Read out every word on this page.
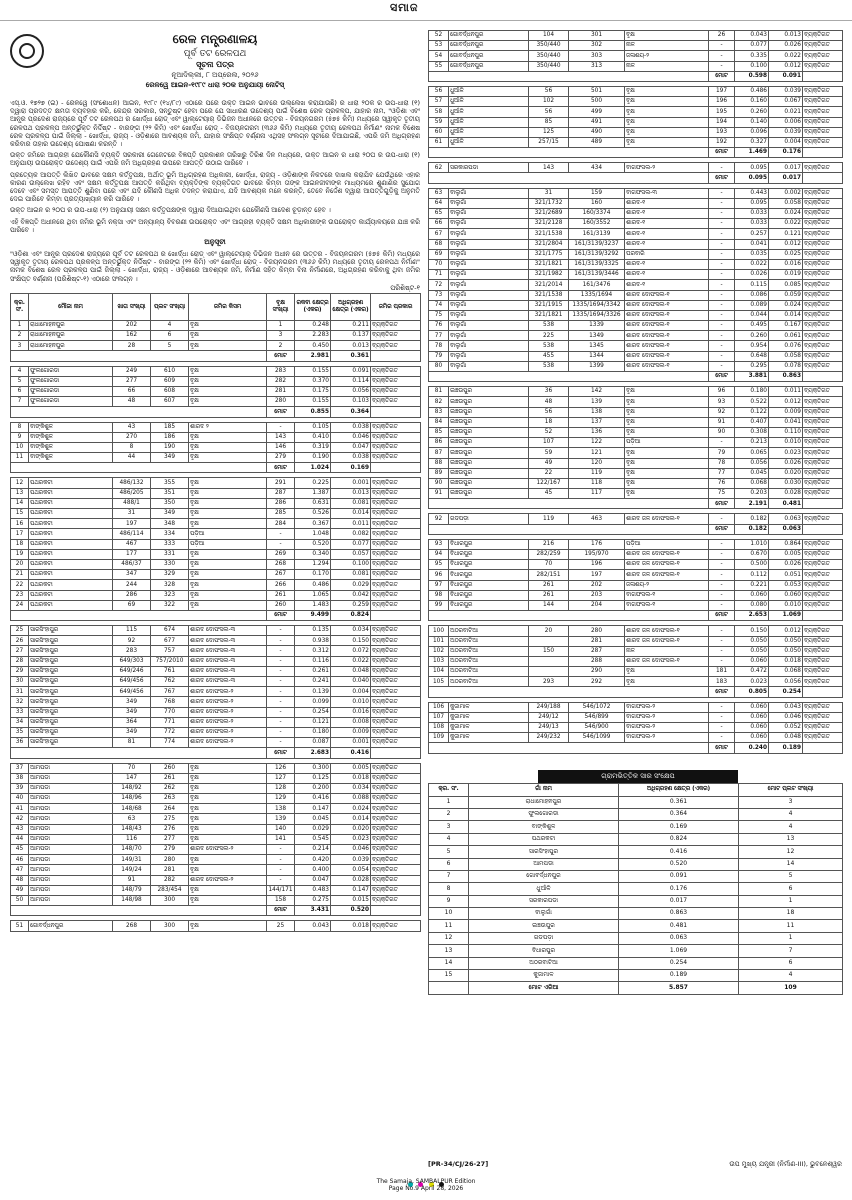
ସମାଜ
ରେଳ ମନ୍ତ୍ରଣାଳୟ
ପୂର୍ବ ତଟ ରେଳପଥ
ସୂଚନା ପତ୍ର
ନୂଆଦିଲ୍ଲୀ, ୮ ଅପ୍ରେଲ, ୨୦୨୬
ରେଳୱେ ଆଇନ-୧୯୮୯ ଧାରା ୨୦କ ଅନୁଯାୟୀ ନୋଟିସ୍

ଏସ୍.ଓ. ୧୭୨୭ (ଇ) - ରେଳୱେ (ସଂଶୋଧନ) ଆଇନ, ୧୯୮୯ (୧୪/୮୯) ଏଠାରେ ପରେ ଉକ୍ତ ଆଇନ ଭାବରେ ଉଲ୍ଲେଖ କରାଯାଉଛି) ର ଧାରା ୨୦କ ର ଉପ-ଧାରା (୧) ଦ୍ୱାରା ପ୍ରଦତ୍ତ କ୍ଷମତା ବ୍ୟବହାର କରି, କେନ୍ଦ୍ର ସରକାର, ସନ୍ତୁଷ୍ଟ ହେବା ପରେ ଯେ ସାଧାରଣ ଉଦ୍ଦେଶ୍ୟ ପାଇଁ ବିଶେଷ ରେଳ ପ୍ରକଳ୍ପ, ଯାହାର ନାମ, "ଓଡ଼ିଶା ଏବଂ ଆନ୍ଧ୍ର ପ୍ରଦେଶ ରାଜ୍ୟରେ ପୂର୍ବ ତଟ ରେଳପଥ ର ଖୋର୍ଦ୍ଧା ରୋଡ୍ ଏବଂ ୱାଲ୍ଟେୟାର୍ ଡିଭିଜନ ଅଧୀନରେ ଉତ୍ତର - ବିଜୟନଗରମ (୫୭୫ କିମି) ମଧ୍ୟରେ ସ୍ୱୀକୃତ ତୃତୀୟ ରେଳପଥ ପ୍ରକଳ୍ପ ଅନ୍ତର୍ଭୁକ୍ତ ନିର୍ଦ୍ଦିଷ୍ଟ - ବାରଙ୍ଗ (୨୨ କିମି) ଏବଂ ଖୋର୍ଦ୍ଧା ରୋଡ୍ - ବିଜୟନଗରମ (୩୬୬ କିମି) ମଧ୍ୟରେ ତୃତୀୟ ରେଳପଥ ନିର୍ମାଣ" ନାମକ ବିଶେଷ ରେଳ ପ୍ରକଳ୍ପ ପାଇଁ ଜିଲ୍ଲା - ଖୋର୍ଦ୍ଧା, ରାଜ୍ୟ - ଓଡ଼ିଶାରେ ଆବଶ୍ୟକ ଜମି, ଯାହାର ସଂକ୍ଷିପ୍ତ ବର୍ଣ୍ଣନା ଏଥିସହ ସଂଲଗ୍ନ ସୂଚୀରେ ଦିଆଯାଇଛି, ଏପରି ଜମି ଅଧିଗ୍ରହଣ କରିବାର ତାହାର ଉଦ୍ଦେଶ୍ୟ ଘୋଷଣା କରନ୍ତି ।

ଉକ୍ତ ଜମିରେ ଆଗ୍ରହୀ ଯେକୌଣସି ବ୍ୟକ୍ତି ସରକାରୀ ଗେଜେଟରେ ବିଜ୍ଞପ୍ତି ପ୍ରକାଶନ ତାରିଖରୁ ତିରିଶ ଦିନ ମଧ୍ୟରେ, ଉକ୍ତ ଆଇନ ର ଧାରା ୨୦ଘ ର ଉପ-ଧାରା (୧) ଅନୁଯାୟୀ ଉପରୋକ୍ତ ଉଦ୍ଦେଶ୍ୟ ପାଇଁ ଏପରି ଜମି ଅଧିଗ୍ରହଣ ଉପରେ ଆପତ୍ତି ଉଠାଇ ପାରିବେ ।

ପ୍ରତ୍ୟେକ ଆପତ୍ତି ଲିଖିତ ଭାବରେ ସକ୍ଷମ କର୍ତ୍ତୃପକ୍ଷ, ଅର୍ଥାତ୍ ଭୂମି ଅଧିଗ୍ରହଣ ଅଧିକାରୀ, ଖୋର୍ଦ୍ଧା, ରାଜ୍ୟ - ଓଡ଼ିଶାଙ୍କ ନିକଟରେ ଦାଖଲ କରାଯିବ ଯେଉଁଥିରେ ଏହାର କାରଣ ଉଲ୍ଲେଖ ରହିବ ଏବଂ ସକ୍ଷମ କର୍ତ୍ତୃପକ୍ଷ ଆପତ୍ତି କରିଥିବା ବ୍ୟକ୍ତିଙ୍କ ବ୍ୟକ୍ତିଗତ ଭାବରେ କିମ୍ବା ତାଙ୍କ ଆଇନଜୀବୀଙ୍କ ମାଧ୍ୟମରେ ଶୁଣାଣିର ସୁଯୋଗ ଦେବେ ଏବଂ ସମସ୍ତ ଆପତ୍ତି ଶୁଣିବା ପରେ ଏବଂ ଯଦି କୌଣସି ଅଧିକ ତଦନ୍ତ କରାଯାଏ, ଯଦି ଆବଶ୍ୟକ ମନେ କରନ୍ତି, ତେବେ ନିର୍ଦ୍ଦେଶ ଦ୍ୱାରା ଆପତ୍ତିଗୁଡ଼ିକୁ ଅନୁମତି ଦେଇ ପାରିବେ କିମ୍ବା ପ୍ରତ୍ୟାଖ୍ୟାନ କରି ପାରିବେ ।

ଉକ୍ତ ଆଇନ ର ୨୦ଘ ର ଉପ-ଧାରା (୨) ଅନୁଯାୟୀ ସକ୍ଷମ କର୍ତ୍ତୃପକ୍ଷଙ୍କ ଦ୍ୱାରା ଦିଆଯାଇଥିବା ଯେକୌଣସି ଆଦେଶ ଚୂଡ଼ାନ୍ତ ହେବ ।

ଏହି ବିଜ୍ଞପ୍ତି ଅଧୀନରେ ଥିବା ଜମିର ଭୂମି ନକ୍ସା ଏବଂ ଅନ୍ୟାନ୍ୟ ବିବରଣୀ ଉପରୋକ୍ତ ଏବଂ ଆଗ୍ରହୀ ବ୍ୟକ୍ତି ସକ୍ଷମ ଅଧିକାରୀଙ୍କ ଉପରୋକ୍ତ କାର୍ଯ୍ୟାଳୟରେ ଯାଞ୍ଚ କରି ପାରିବେ ।

ଅନୁସୂଚୀ

"ଓଡ଼ିଶା ଏବଂ ଆନ୍ଧ୍ର ପ୍ରଦେଶ ରାଜ୍ୟରେ ପୂର୍ବ ତଟ ରେଳପଥ ର ଖୋର୍ଦ୍ଧା ରୋଡ୍ ଏବଂ ୱାଲ୍ଟେୟାର୍ ଡିଭିଜନ ଅଧୀନ ରେ ଉତ୍ତର - ବିଜୟନଗରମ (୫୭୫ କିମି) ମଧ୍ୟରେ ସ୍ୱୀକୃତ ତୃତୀୟ ରେଳପଥ ପ୍ରକଳ୍ପ ଅନ୍ତର୍ଭୁକ୍ତ ନିର୍ଦ୍ଦିଷ୍ଟ - ବାରଙ୍ଗ (୨୨ କିମି) ଏବଂ ଖୋର୍ଦ୍ଧା ରୋଡ୍ - ବିଜୟନଗରମ (୩୬୬ କିମି) ମଧ୍ୟରେ ତୃତୀୟ ରେଳପଥ ନିର୍ମାଣ" ନାମକ ବିଶେଷ ରେଳ ପ୍ରକଳ୍ପ ପାଇଁ ଜିଲ୍ଲା - ଖୋର୍ଦ୍ଧା, ରାଜ୍ୟ - ଓଡ଼ିଶାରେ ଆବଶ୍ୟକ ଜମି, ନିର୍ମାଣ ସହିତ କିମ୍ବା ବିନା ନିର୍ମାଣରେ, ଅଧିଗ୍ରହଣ କରିବାକୁ ଥିବା ଜମିର ସଂକ୍ଷିପ୍ତ ବର୍ଣ୍ଣନା (ପରିଶିଷ୍ଟ-୧) ଏଠାରେ ସଂଲଗ୍ନ ।

ପରିଶିଷ୍ଟ-୧
କ୍ର. ସଂ.	ମୌଜା ନାମ	ଖାତା ସଂଖ୍ୟା	ପ୍ଲଟ ସଂଖ୍ୟା	ଜମିର କିସମ	ବୃକ୍ଷ ସଂଖ୍ୟା	ରକବା କ୍ଷେତ୍ର (ଏକର)	ଅଧିଗ୍ରହଣ କ୍ଷେତ୍ର (ଏକର)	ଜମିର ପ୍ରକାର
1	ରାଧାମୋହନପୁର	202	4	ବୃକ୍ଷ	1	0.248	0.211	ବ୍ୟକ୍ତିଗତ
2	ରାଧାମୋହନପୁର	162	6	ବୃକ୍ଷ	3	2.283	0.137	ବ୍ୟକ୍ତିଗତ
3	ରାଧାମୋହନପୁର	28	5	ବୃକ୍ଷ	2	0.450	0.013	ବ୍ୟକ୍ତିଗତ
					ମୋଟ	2.981	0.361	

4	ଫୁଲଗୋରଡା	249	610	ବୃକ୍ଷ	283	0.155	0.091	ବ୍ୟକ୍ତିଗତ
5	ଫୁଲଗୋରଡା	277	609	ବୃକ୍ଷ	282	0.370	0.114	ବ୍ୟକ୍ତିଗତ
6	ଫୁଲଗୋରଡା	66	608	ବୃକ୍ଷ	281	0.175	0.056	ବ୍ୟକ୍ତିଗତ
7	ଫୁଲଗୋରଡା	48	607	ବୃକ୍ଷ	280	0.155	0.103	ବ୍ୟକ୍ତିଗତ
					ମୋଟ	0.855	0.364	

8	ବାଙ୍କିଶୁଳ	43	185	ଶାରଦ ୨	-	0.105	0.038	ବ୍ୟକ୍ତିଗତ
9	ବାଙ୍କିଶୁଳ	270	186	ବୃକ୍ଷ	143	0.410	0.046	ବ୍ୟକ୍ତିଗତ
10	ବାଙ୍କିଶୁଳ	8	190	ବୃକ୍ଷ	146	0.319	0.047	ବ୍ୟକ୍ତିଗତ
11	ବାଙ୍କିଶୁଳ	44	349	ବୃକ୍ଷ	279	0.190	0.038	ବ୍ୟକ୍ତିଗତ
					ମୋଟ	1.024	0.169	

12	ପଥରକଟା	486/132	355	ବୃକ୍ଷ	291	0.225	0.001	ବ୍ୟକ୍ତିଗତ
13	ପଥରକଟା	486/205	351	ବୃକ୍ଷ	287	1.387	0.013	ବ୍ୟକ୍ତିଗତ
14	ପଥରକଟା	488/1	350	ବୃକ୍ଷ	286	0.631	0.081	ବ୍ୟକ୍ତିଗତ
15	ପଥରକଟା	31	349	ବୃକ୍ଷ	285	0.526	0.014	ବ୍ୟକ୍ତିଗତ
16	ପଥରକଟା	197	348	ବୃକ୍ଷ	284	0.367	0.011	ବ୍ୟକ୍ତିଗତ
17	ପଥରକଟା	486/114	334	ପଡ଼ିଆ	-	1.048	0.082	ବ୍ୟକ୍ତିଗତ
18	ପଥରକଟା	467	333	ପଡ଼ିଆ	-	0.520	0.077	ବ୍ୟକ୍ତିଗତ
19	ପଥରକଟା	177	331	ବୃକ୍ଷ	269	0.340	0.057	ବ୍ୟକ୍ତିଗତ
20	ପଥରକଟା	486/37	330	ବୃକ୍ଷ	268	1.294	0.100	ବ୍ୟକ୍ତିଗତ
21	ପଥରକଟା	347	329	ବୃକ୍ଷ	267	0.170	0.081	ବ୍ୟକ୍ତିଗତ
22	ପଥରକଟା	244	328	ବୃକ୍ଷ	266	0.486	0.029	ବ୍ୟକ୍ତିଗତ
23	ପଥରକଟା	286	323	ବୃକ୍ଷ	261	1.065	0.042	ବ୍ୟକ୍ତିଗତ
24	ପଥରକଟା	69	322	ବୃକ୍ଷ	260	1.483	0.259	ବ୍ୟକ୍ତିଗତ
					ମୋଟ	9.499	0.824	

25	ସାରସିଂହାପୁର	115	674	ଶାରଦ ଦୋଫସଲ-୩	-	0.135	0.034	ବ୍ୟକ୍ତିଗତ
26	ସାରସିଂହାପୁର	92	677	ଶାରଦ ଦୋଫସଲ-୩	-	0.938	0.150	ବ୍ୟକ୍ତିଗତ
27	ସାରସିଂହାପୁର	283	757	ଶାରଦ ଦୋଫସଲ-୩	-	0.312	0.072	ବ୍ୟକ୍ତିଗତ
28	ସାରସିଂହାପୁର	649/303	757/2010	ଶାରଦ ଦୋଫସଲ-୩	-	0.116	0.022	ବ୍ୟକ୍ତିଗତ
29	ସାରସିଂହାପୁର	649/246	761	ଶାରଦ ଦୋଫସଲ-୩	-	0.261	0.048	ବ୍ୟକ୍ତିଗତ
30	ସାରସିଂହାପୁର	649/456	762	ଶାରଦ ଦୋଫସଲ-୩	-	0.241	0.040	ବ୍ୟକ୍ତିଗତ
31	ସାରସିଂହାପୁର	649/456	767	ଶାରଦ ଦୋଫସଲ-୨	-	0.139	0.004	ବ୍ୟକ୍ତିଗତ
32	ସାରସିଂହାପୁର	349	768	ଶାରଦ ଦୋଫସଲ-୨	-	0.099	0.010	ବ୍ୟକ୍ତିଗତ
33	ସାରସିଂହାପୁର	349	770	ଶାରଦ ଦୋଫସଲ-୨	-	0.254	0.016	ବ୍ୟକ୍ତିଗତ
34	ସାରସିଂହାପୁର	364	771	ଶାରଦ ଦୋଫସଲ-୨	-	0.121	0.008	ବ୍ୟକ୍ତିଗତ
35	ସାରସିଂହାପୁର	349	772	ଶାରଦ ଦୋଫସଲ-୨	-	0.180	0.009	ବ୍ୟକ୍ତିଗତ
36	ସାରସିଂହାପୁର	81	774	ଶାରଦ ଦୋଫସଲ-୨	-	0.087	0.001	ବ୍ୟକ୍ତିଗତ
					ମୋଟ	2.683	0.416	

37	ଆମପଡା	70	260	ବୃକ୍ଷ	126	0.300	0.005	ବ୍ୟକ୍ତିଗତ
38	ଆମପଡା	147	261	ବୃକ୍ଷ	127	0.125	0.018	ବ୍ୟକ୍ତିଗତ
39	ଆମପଡା	148/92	262	ବୃକ୍ଷ	128	0.200	0.034	ବ୍ୟକ୍ତିଗତ
40	ଆମପଡା	148/96	263	ବୃକ୍ଷ	129	0.416	0.088	ବ୍ୟକ୍ତିଗତ
41	ଆମପଡା	148/68	264	ବୃକ୍ଷ	138	0.147	0.024	ବ୍ୟକ୍ତିଗତ
42	ଆମପଡା	63	275	ବୃକ୍ଷ	139	0.045	0.014	ବ୍ୟକ୍ତିଗତ
43	ଆମପଡା	148/43	276	ବୃକ୍ଷ	140	0.029	0.020	ବ୍ୟକ୍ତିଗତ
44	ଆମପଡା	116	277	ବୃକ୍ଷ	141	0.545	0.023	ବ୍ୟକ୍ତିଗତ
45	ଆମପଡା	148/70	279	ଶାରଦ ଦୋଫସଲ-୨	-	0.214	0.046	ବ୍ୟକ୍ତିଗତ
46	ଆମପଡା	149/31	280	ବୃକ୍ଷ	-	0.420	0.039	ବ୍ୟକ୍ତିଗତ
47	ଆମପଡା	149/24	281	ବୃକ୍ଷ	-	0.400	0.054	ବ୍ୟକ୍ତିଗତ
48	ଆମପଡା	91	282	ଶାରଦ ଦୋଫସଲ-୨	-	0.047	0.028	ବ୍ୟକ୍ତିଗତ
49	ଆମପଡା	148/79	283/454	ବୃକ୍ଷ	144/171	0.483	0.147	ବ୍ୟକ୍ତିଗତ
50	ଆମପଡା	148/98	300	ବୃକ୍ଷ	158	0.275	0.015	ବ୍ୟକ୍ତିଗତ
					ମୋଟ	3.431	0.520	

51	ଗୋବର୍ଦ୍ଧନପୁର	268	300	ବୃକ୍ଷ	25	0.043	0.018	ବ୍ୟକ୍ତିଗତ
52	ଗୋବର୍ଦ୍ଧନପୁର	104	301	ବୃକ୍ଷ	26	0.043	0.013	ବ୍ୟକ୍ତିଗତ
53	ଗୋବର୍ଦ୍ଧନପୁର	350/440	302	ନାଳ	-	0.077	0.026	ବ୍ୟକ୍ତିଗତ
54	ଗୋବର୍ଦ୍ଧନପୁର	350/440	303	ଜଳାଶୟ-୨	-	0.335	0.022	ବ୍ୟକ୍ତିଗତ
55	ଗୋବର୍ଦ୍ଧନପୁର	350/440	313	ନାଳ	-	0.100	0.012	ବ୍ୟକ୍ତିଗତ
					ମୋଟ	0.598	0.091	

56	ଧୁଆଁଳି	56	501	ବୃକ୍ଷ	197	0.486	0.039	ବ୍ୟକ୍ତିଗତ
57	ଧୁଆଁଳି	102	500	ବୃକ୍ଷ	196	0.160	0.067	ବ୍ୟକ୍ତିଗତ
58	ଧୁଆଁଳି	56	499	ବୃକ୍ଷ	195	0.260	0.021	ବ୍ୟକ୍ତିଗତ
59	ଧୁଆଁଳି	85	491	ବୃକ୍ଷ	194	0.140	0.006	ବ୍ୟକ୍ତିଗତ
60	ଧୁଆଁଳି	125	490	ବୃକ୍ଷ	193	0.096	0.039	ବ୍ୟକ୍ତିଗତ
61	ଧୁଆଁଳି	257/15	489	ବୃକ୍ଷ	192	0.327	0.004	ବ୍ୟକ୍ତିଗତ
					ମୋଟ	1.469	0.176	

62	ସରକାରପଡା	143	434	ବାଗଫସଲ-୨	-	0.095	0.017	ବ୍ୟକ୍ତିଗତ
					ମୋଟ	0.095	0.017	

63	ବାଲୁଗାଁ	31	159	ବାଗଫସଲ-୩	-	0.443	0.002	ବ୍ୟକ୍ତିଗତ
64	ବାଲୁଗାଁ	321/1732	160	ଶାରଦ-୧	-	0.095	0.058	ବ୍ୟକ୍ତିଗତ
65	ବାଲୁଗାଁ	321/2689	160/3374	ଶାରଦ-୧	-	0.033	0.024	ବ୍ୟକ୍ତିଗତ
66	ବାଲୁଗାଁ	321/2128	160/3552	ଶାରଦ-୧	-	0.033	0.022	ବ୍ୟକ୍ତିଗତ
67	ବାଲୁଗାଁ	321/1538	161/3139	ଶାରଦ-୧	-	0.257	0.121	ବ୍ୟକ୍ତିଗତ
68	ବାଲୁଗାଁ	321/2804	161/3139/3237	ଶାରଦ-୧	-	0.041	0.012	ବ୍ୟକ୍ତିଗତ
69	ବାଲୁଗାଁ	321/1775	161/3139/3292	ଘରବାରି	-	0.035	0.025	ବ୍ୟକ୍ତିଗତ
70	ବାଲୁଗାଁ	321/1821	161/3139/3325	ଶାରଦ-୧	-	0.022	0.016	ବ୍ୟକ୍ତିଗତ
71	ବାଲୁଗାଁ	321/1982	161/3139/3446	ଶାରଦ-୧	-	0.026	0.019	ବ୍ୟକ୍ତିଗତ
72	ବାଲୁଗାଁ	321/2014	161/3476	ଶାରଦ-୧	-	0.115	0.085	ବ୍ୟକ୍ତିଗତ
73	ବାଲୁଗାଁ	321/1538	1335/1694	ଶାରଦ ଦୋଫସଲ-୧	-	0.086	0.059	ବ୍ୟକ୍ତିଗତ
74	ବାଲୁଗାଁ	321/1915	1335/1694/3342	ଶାରଦ ଦୋଫସଲ-୧	-	0.089	0.024	ବ୍ୟକ୍ତିଗତ
75	ବାଲୁଗାଁ	321/1821	1335/1694/3326	ଶାରଦ ଦୋଫସଲ-୧	-	0.044	0.014	ବ୍ୟକ୍ତିଗତ
76	ବାଲୁଗାଁ	538	1339	ଶାରଦ ଦୋଫସଲ-୧	-	0.495	0.167	ବ୍ୟକ୍ତିଗତ
77	ବାଲୁଗାଁ	225	1349	ଶାରଦ ଦୋଫସଲ-୧	-	0.260	0.061	ବ୍ୟକ୍ତିଗତ
78	ବାଲୁଗାଁ	538	1345	ଶାରଦ ଦୋଫସଲ-୧	-	0.954	0.076	ବ୍ୟକ୍ତିଗତ
79	ବାଲୁଗାଁ	455	1344	ଶାରଦ ଦୋଫସଲ-୧	-	0.648	0.058	ବ୍ୟକ୍ତିଗତ
80	ବାଲୁଗାଁ	538	1399	ଶାରଦ ଦୋଫସଲ-୧	-	0.295	0.078	ବ୍ୟକ୍ତିଗତ
					ମୋଟ	3.881	0.863	

81	ଇଞ୍ଚଉପୁର	36	142	ବୃକ୍ଷ	96	0.180	0.011	ବ୍ୟକ୍ତିଗତ
82	ଇଞ୍ଚଉପୁର	48	139	ବୃକ୍ଷ	93	0.522	0.012	ବ୍ୟକ୍ତିଗତ
83	ଇଞ୍ଚଉପୁର	56	138	ବୃକ୍ଷ	92	0.122	0.009	ବ୍ୟକ୍ତିଗତ
84	ଇଞ୍ଚଉପୁର	18	137	ବୃକ୍ଷ	91	0.407	0.041	ବ୍ୟକ୍ତିଗତ
85	ଇଞ୍ଚଉପୁର	52	136	ବୃକ୍ଷ	90	0.308	0.110	ବ୍ୟକ୍ତିଗତ
86	ଇଞ୍ଚଉପୁର	107	122	ପଡ଼ିଆ	-	0.213	0.010	ବ୍ୟକ୍ତିଗତ
87	ଇଞ୍ଚଉପୁର	59	121	ବୃକ୍ଷ	79	0.065	0.023	ବ୍ୟକ୍ତିଗତ
88	ଇଞ୍ଚଉପୁର	49	120	ବୃକ୍ଷ	78	0.056	0.026	ବ୍ୟକ୍ତିଗତ
89	ଇଞ୍ଚଉପୁର	22	119	ବୃକ୍ଷ	77	0.045	0.020	ବ୍ୟକ୍ତିଗତ
90	ଇଞ୍ଚଉପୁର	122/167	118	ବୃକ୍ଷ	76	0.068	0.030	ବ୍ୟକ୍ତିଗତ
91	ଇଞ୍ଚଉପୁର	45	117	ବୃକ୍ଷ	75	0.203	0.028	ବ୍ୟକ୍ତିଗତ
					ମୋଟ	2.191	0.481	

92	ଗଡପଡ଼ା	119	463	ଶାରଦ ଜଳ ଦୋଫସଲ-୧	-	0.182	0.063	ବ୍ୟକ୍ତିଗତ
					ମୋଟ	0.182	0.063	

93	ବିଧାରପୁର	216	176	ପଡ଼ିଆ	-	1.010	0.864	ବ୍ୟକ୍ତିଗତ
94	ବିଧାରପୁର	282/259	195/970	ଶାରଦ ଜଳ ଦୋଫସଲ-୧	-	0.670	0.005	ବ୍ୟକ୍ତିଗତ
95	ବିଧାରପୁର	70	196	ଶାରଦ ଜଳ ଦୋଫସଲ-୧	-	0.500	0.026	ବ୍ୟକ୍ତିଗତ
96	ବିଧାରପୁର	282/151	197	ଶାରଦ ଜଳ ଦୋଫସଲ-୧	-	0.112	0.051	ବ୍ୟକ୍ତିଗତ
97	ବିଧାରପୁର	261	202	ଜଳାଶୟ-୨	-	0.221	0.053	ବ୍ୟକ୍ତିଗତ
98	ବିଧାରପୁର	261	203	ବାଗଫସଲ-୧	-	0.060	0.060	ବ୍ୟକ୍ତିଗତ
99	ବିଧାରପୁର	144	204	ବାଗଫସଲ-୧	-	0.080	0.010	ବ୍ୟକ୍ତିଗତ
					ମୋଟ	2.653	1.069	

100	ଅଠରବାଟିଆ	20	280	ଶାରଦ ଜଳ ଦୋଫସଲ-୧	-	0.150	0.012	ବ୍ୟକ୍ତିଗତ
101	ଅଠରବାଟିଆ		281	ଶାରଦ ଜଳ ଦୋଫସଲ-୧	-	0.050	0.050	ବ୍ୟକ୍ତିଗତ
102	ଅଠରବାଟିଆ	150	287	ନାଳ	-	0.050	0.050	ବ୍ୟକ୍ତିଗତ
103	ଅଠରବାଟିଆ		288	ଶାରଦ ଜଳ ଦୋଫସଲ-୧	-	0.060	0.018	ବ୍ୟକ୍ତିଗତ
104	ଅଠରବାଟିଆ		290	ବୃକ୍ଷ	181	0.472	0.068	ବ୍ୟକ୍ତିଗତ
105	ଅଠରବାଟିଆ	293	292	ବୃକ୍ଷ	183	0.023	0.056	ବ୍ୟକ୍ତିଗତ
					ମୋଟ	0.805	0.254	

106	କୁଜାମାଳ	249/188	546/1072	ବାଗଫସଲ-୨	-	0.060	0.043	ବ୍ୟକ୍ତିଗତ
107	କୁଜାମାଳ	249/12	546/899	ବାଗଫସଲ-୨	-	0.060	0.046	ବ୍ୟକ୍ତିଗତ
108	କୁଜାମାଳ	249/13	546/900	ବାଗଫସଲ-୨	-	0.060	0.052	ବ୍ୟକ୍ତିଗତ
109	କୁଜାମାଳ	249/232	546/1099	ବାଗଫସଲ-୨	-	0.060	0.048	ବ୍ୟକ୍ତିଗତ
					ମୋଟ	0.240	0.189	
ଗ୍ରାମଭିତ୍ତିକ ସାର ସଂକ୍ଷେପ
କ୍ର. ସଂ.	ଗାଁ ନାମ	ଅଧିଗ୍ରହଣ କ୍ଷେତ୍ର (ଏକର)	ମୋଟ ପ୍ଲଟ ସଂଖ୍ୟା
1	ରାଧାମୋହନପୁର	0.361	3
2	ଫୁଲଗୋରଡା	0.364	4
3	ବାଙ୍କିଶୁଳ	0.169	4
4	ପଥରକଟା	0.824	13
5	ସାରସିଂହାପୁର	0.416	12
6	ଆମପଡା	0.520	14
7	ଗୋବର୍ଦ୍ଧନପୁର	0.091	5
8	ଧୁଆଁଳି	0.176	6
9	ସରକାରପଡା	0.017	1
10	ବାଲୁଗାଁ	0.863	18
11	ଇଞ୍ଚଉପୁର	0.481	11
12	ଗଡପଡ଼ା	0.063	1
13	ବିଧାରପୁର	1.069	7
14	ଅଠରବାଟିଆ	0.254	6
15	କୁଜାମାଳ	0.189	4
	ମୋଟ ଏରିଆ	5.857	109
[PR-34/CJ/26-27]	ଉପ ମୁଖ୍ୟ ଯନ୍ତ୍ରୀ (ନିର୍ମାଣ-III), ଭୁବନେଶ୍ୱର

The Samaja, SAMBALPUR Edition
Page No.9 April 28, 2026
